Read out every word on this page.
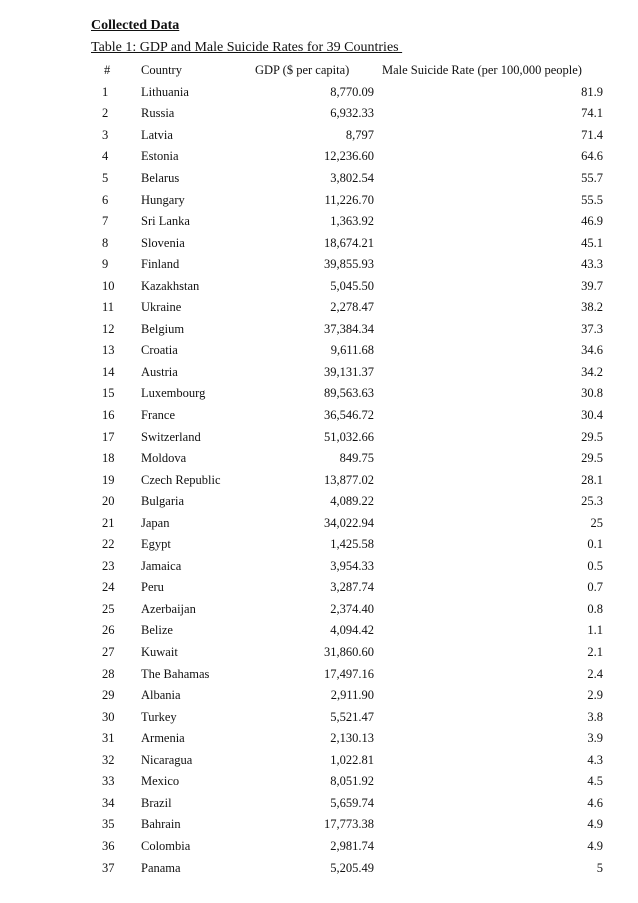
Collected Data
Table 1: GDP and Male Suicide Rates for 39 Countries
#	Country	GDP ($ per capita)	Male Suicide Rate (per 100,000 people)
1	Lithuania	8,770.09	81.9
2	Russia	6,932.33	74.1
3	Latvia	8,797	71.4
4	Estonia	12,236.60	64.6
5	Belarus	3,802.54	55.7
6	Hungary	11,226.70	55.5
7	Sri Lanka	1,363.92	46.9
8	Slovenia	18,674.21	45.1
9	Finland	39,855.93	43.3
10	Kazakhstan	5,045.50	39.7
11	Ukraine	2,278.47	38.2
12	Belgium	37,384.34	37.3
13	Croatia	9,611.68	34.6
14	Austria	39,131.37	34.2
15	Luxembourg	89,563.63	30.8
16	France	36,546.72	30.4
17	Switzerland	51,032.66	29.5
18	Moldova	849.75	29.5
19	Czech Republic	13,877.02	28.1
20	Bulgaria	4,089.22	25.3
21	Japan	34,022.94	25
22	Egypt	1,425.58	0.1
23	Jamaica	3,954.33	0.5
24	Peru	3,287.74	0.7
25	Azerbaijan	2,374.40	0.8
26	Belize	4,094.42	1.1
27	Kuwait	31,860.60	2.1
28	The Bahamas	17,497.16	2.4
29	Albania	2,911.90	2.9
30	Turkey	5,521.47	3.8
31	Armenia	2,130.13	3.9
32	Nicaragua	1,022.81	4.3
33	Mexico	8,051.92	4.5
34	Brazil	5,659.74	4.6
35	Bahrain	17,773.38	4.9
36	Colombia	2,981.74	4.9
37	Panama	5,205.49	5
